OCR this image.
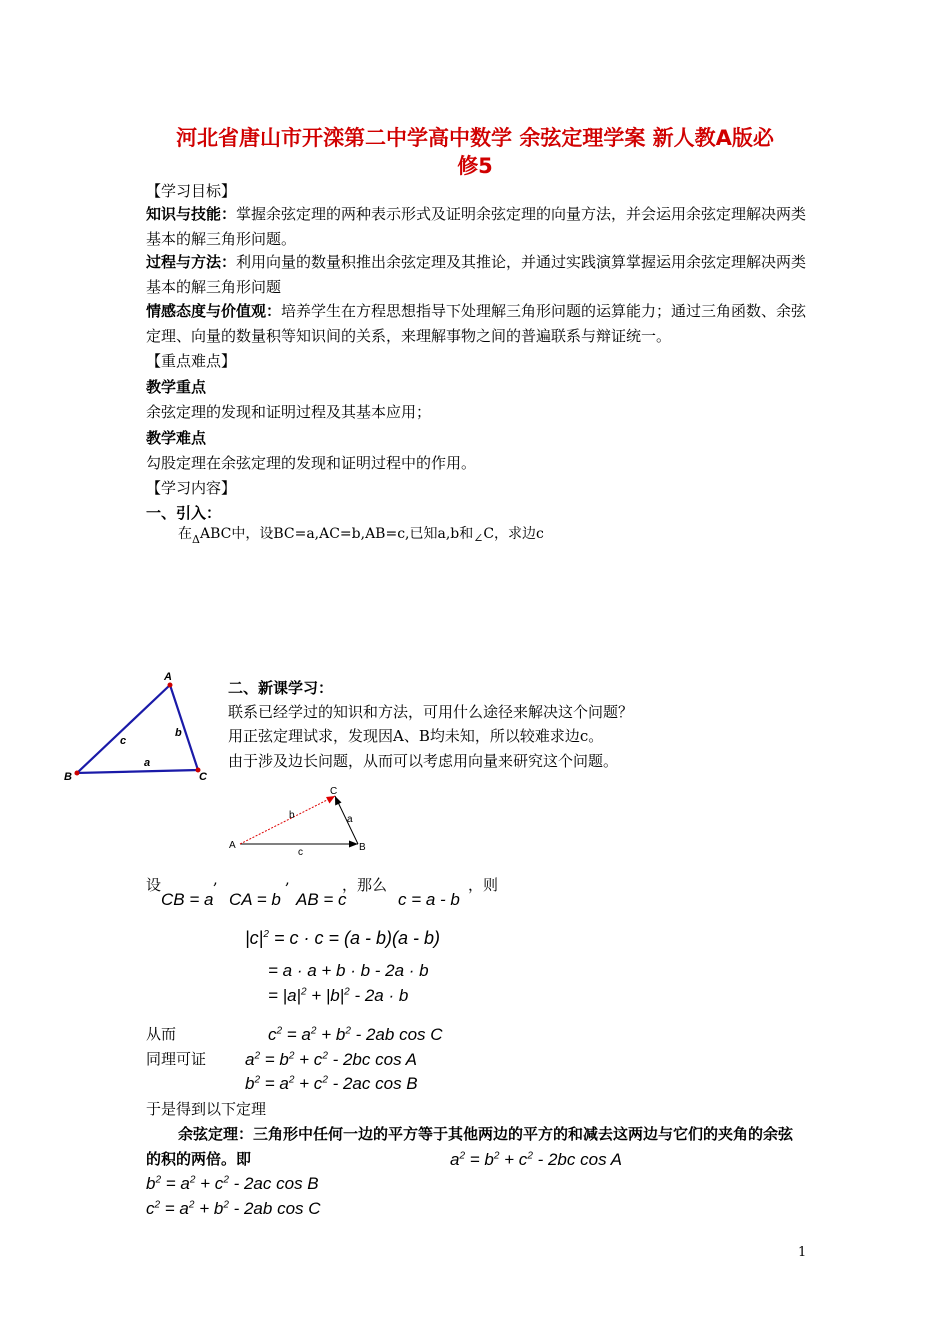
河北省唐山市开滦第二中学高中数学 余弦定理学案 新人教A版必
修5
【学习目标】
知识与技能：掌握余弦定理的两种表示形式及证明余弦定理的向量方法，并会运用余弦定理解决两类基本的解三角形问题。
过程与方法：利用向量的数量积推出余弦定理及其推论，并通过实践演算掌握运用余弦定理解决两类基本的解三角形问题
情感态度与价值观：培养学生在方程思想指导下处理解三角形问题的运算能力；通过三角函数、余弦定理、向量的数量积等知识间的关系，来理解事物之间的普遍联系与辩证统一。
【重点难点】
教学重点
余弦定理的发现和证明过程及其基本应用；
教学难点
勾股定理在余弦定理的发现和证明过程中的作用。
【学习内容】
一、引入：
在$_\Delta$ABC中，设BC=a,AC=b,AB=c,已知a,b和∠C，求边c
A
B	C
c
b
a
二、新课学习：
联系已经学过的知识和方法，可用什么途径来解决这个问题？
用正弦定理试求，发现因A、B均未知，所以较难求边c。
由于涉及边长问题，从而可以考虑用向量来研究这个问题。
A	B
C
b	a
c
设	,	,	，那么	，则
CB = a CA = b AB = c	c = a - b
$|c|^2 = c \cdot c = (a - b)(a - b)$
= a · a + b · b - 2a · b
= $|a|^2 + |b|^2 - 2a \cdot b$
从而	$c^2 = a^2 + b^2 - 2ab$ cos C
同理可证 $a^2 = b^2 + c^2 - 2bc$ cos A
$b^2 = a^2 + c^2 - 2ac$ cos B
于是得到以下定理
余弦定理：三角形中任何一边的平方等于其他两边的平方的和减去这两边与它们的夹角的余弦的积的两倍。即	$a^2 = b^2 + c^2 - 2bc$ cos A
$b^2 = a^2 + c^2 - 2ac$ cos B
$c^2 = a^2 + b^2 - 2ab$ cos C
1
